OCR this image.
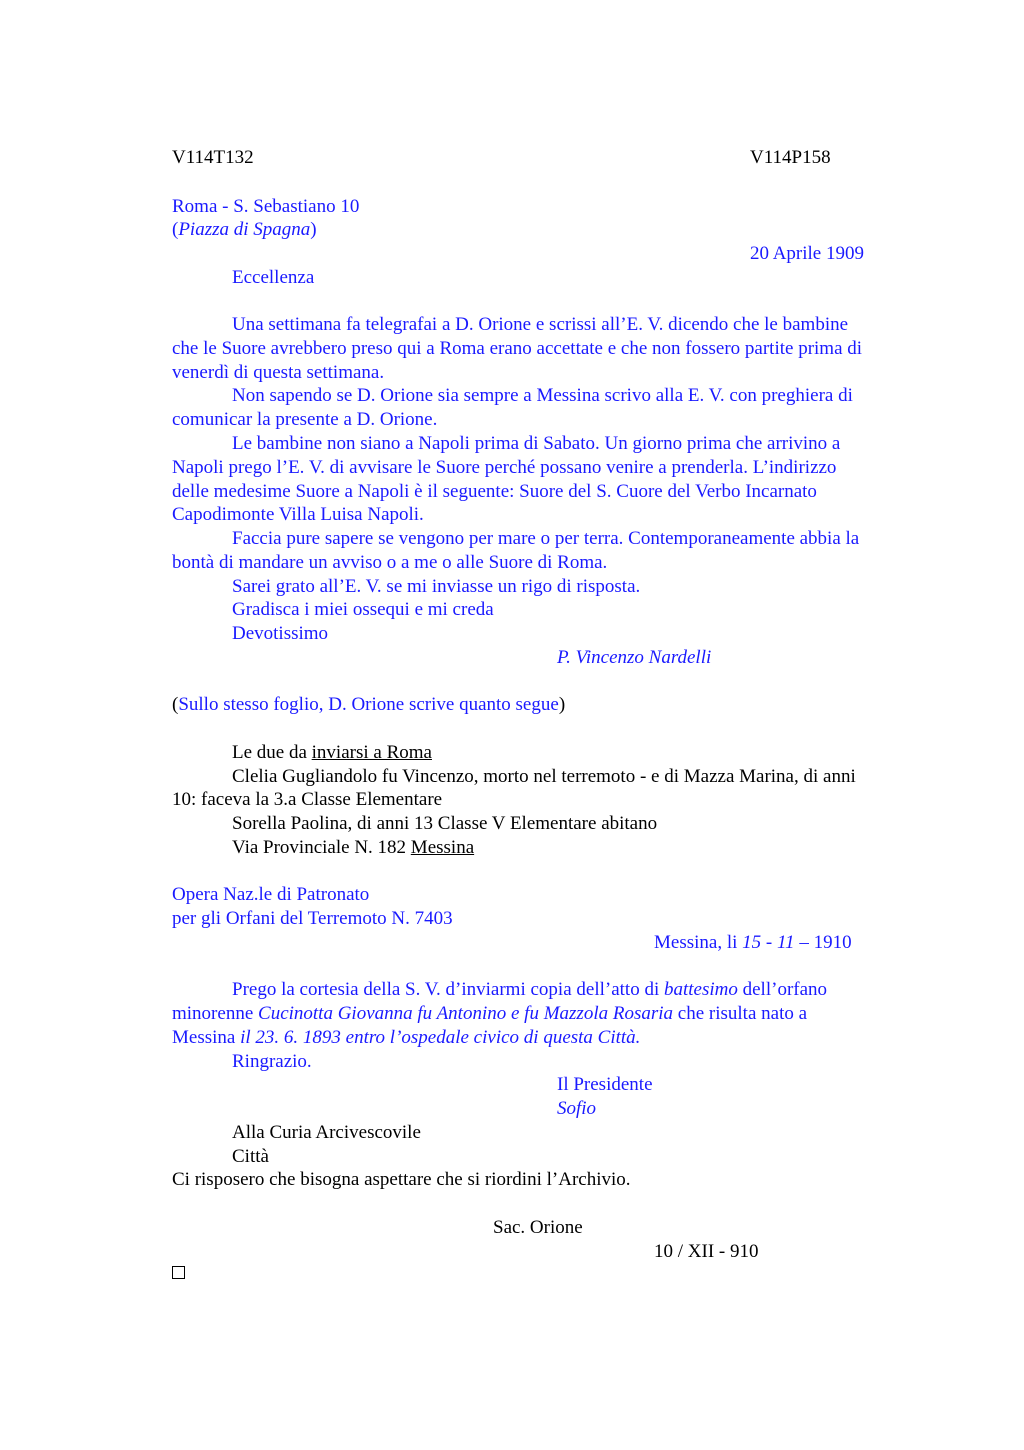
V114T132	V114P158
Roma - S. Sebastiano 10
(Piazza di Spagna)
20 Aprile 1909
Eccellenza
Una settimana fa telegrafai a D. Orione e scrissi all’E. V. dicendo che le bambine
che le Suore avrebbero preso qui a Roma erano accettate e che non fossero partite prima di
venerdì di questa settimana.
Non sapendo se D. Orione sia sempre a Messina scrivo alla E. V. con preghiera di
comunicar la presente a D. Orione.
Le bambine non siano a Napoli prima di Sabato. Un giorno prima che arrivino a
Napoli prego l’E. V. di avvisare le Suore perché possano venire a prenderla. L’indirizzo
delle medesime Suore a Napoli è il seguente: Suore del S. Cuore del Verbo Incarnato
Capodimonte Villa Luisa Napoli.
Faccia pure sapere se vengono per mare o per terra. Contemporaneamente abbia la
bontà di mandare un avviso o a me o alle Suore di Roma.
Sarei grato all’E. V. se mi inviasse un rigo di risposta.
Gradisca i miei ossequi e mi creda
Devotissimo
P. Vincenzo Nardelli
(Sullo stesso foglio, D. Orione scrive quanto segue)
Le due da inviarsi a Roma
Clelia Gugliandolo fu Vincenzo, morto nel terremoto - e di Mazza Marina, di anni
10: faceva la 3.a Classe Elementare
Sorella Paolina, di anni 13 Classe V Elementare abitano
Via Provinciale N. 182 Messina
Opera Naz.le di Patronato
per gli Orfani del Terremoto N. 7403
Messina, li 15 - 11 – 1910
Prego la cortesia della S. V. d’inviarmi copia dell’atto di battesimo dell’orfano
minorenne Cucinotta Giovanna fu Antonino e fu Mazzola Rosaria che risulta nato a
Messina il 23. 6. 1893 entro l’ospedale civico di questa Città.
Ringrazio.
Il Presidente
Sofio
Alla Curia Arcivescovile
Città
Ci risposero che bisogna aspettare che si riordini l’Archivio.
Sac. Orione
10 / XII - 910
